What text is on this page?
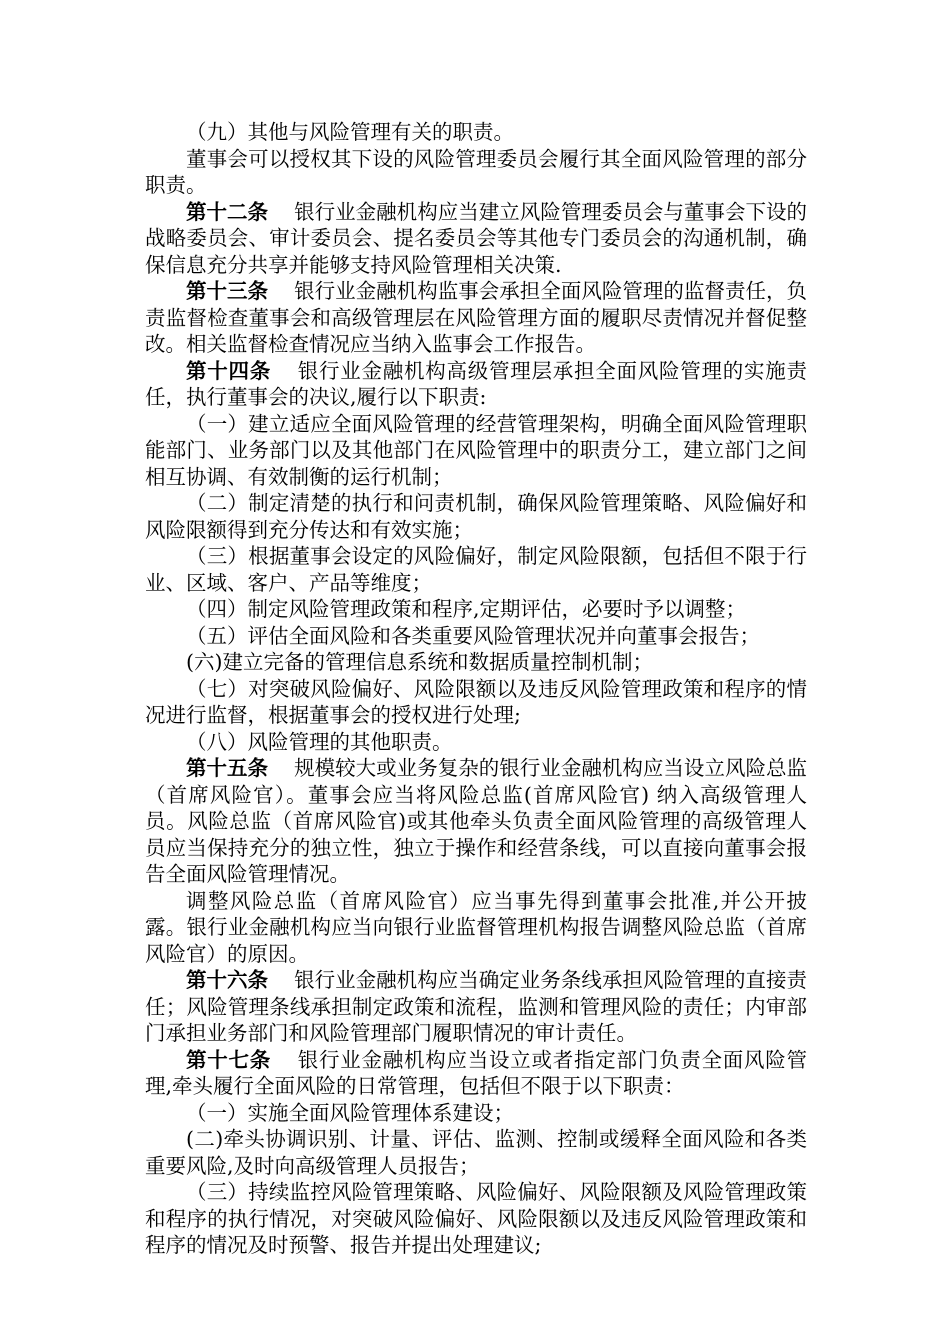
（九）其他与风险管理有关的职责。

董事会可以授权其下设的风险管理委员会履行其全面风险管理的部分职责。

第十二条 银行业金融机构应当建立风险管理委员会与董事会下设的战略委员会、审计委员会、提名委员会等其他专门委员会的沟通机制，确保信息充分共享并能够支持风险管理相关决策.

第十三条 银行业金融机构监事会承担全面风险管理的监督责任，负责监督检查董事会和高级管理层在风险管理方面的履职尽责情况并督促整改。相关监督检查情况应当纳入监事会工作报告。

第十四条 银行业金融机构高级管理层承担全面风险管理的实施责任，执行董事会的决议,履行以下职责:

（一）建立适应全面风险管理的经营管理架构，明确全面风险管理职能部门、业务部门以及其他部门在风险管理中的职责分工，建立部门之间相互协调、有效制衡的运行机制；

（二）制定清楚的执行和问责机制，确保风险管理策略、风险偏好和风险限额得到充分传达和有效实施；

（三）根据董事会设定的风险偏好，制定风险限额，包括但不限于行业、区域、客户、产品等维度；

（四）制定风险管理政策和程序,定期评估，必要时予以调整；

（五）评估全面风险和各类重要风险管理状况并向董事会报告；

(六)建立完备的管理信息系统和数据质量控制机制；

（七）对突破风险偏好、风险限额以及违反风险管理政策和程序的情况进行监督，根据董事会的授权进行处理;

（八）风险管理的其他职责。

第十五条 规模较大或业务复杂的银行业金融机构应当设立风险总监（首席风险官）。董事会应当将风险总监(首席风险官) 纳入高级管理人员。风险总监（首席风险官)或其他牵头负责全面风险管理的高级管理人员应当保持充分的独立性，独立于操作和经营条线，可以直接向董事会报告全面风险管理情况。

调整风险总监（首席风险官）应当事先得到董事会批准,并公开披露。银行业金融机构应当向银行业监督管理机构报告调整风险总监（首席风险官）的原因。

第十六条 银行业金融机构应当确定业务条线承担风险管理的直接责任；风险管理条线承担制定政策和流程，监测和管理风险的责任；内审部门承担业务部门和风险管理部门履职情况的审计责任。

第十七条 银行业金融机构应当设立或者指定部门负责全面风险管理,牵头履行全面风险的日常管理，包括但不限于以下职责：

（一）实施全面风险管理体系建设；

(二)牵头协调识别、计量、评估、监测、控制或缓释全面风险和各类重要风险,及时向高级管理人员报告；

（三）持续监控风险管理策略、风险偏好、风险限额及风险管理政策和程序的执行情况，对突破风险偏好、风险限额以及违反风险管理政策和程序的情况及时预警、报告并提出处理建议;
